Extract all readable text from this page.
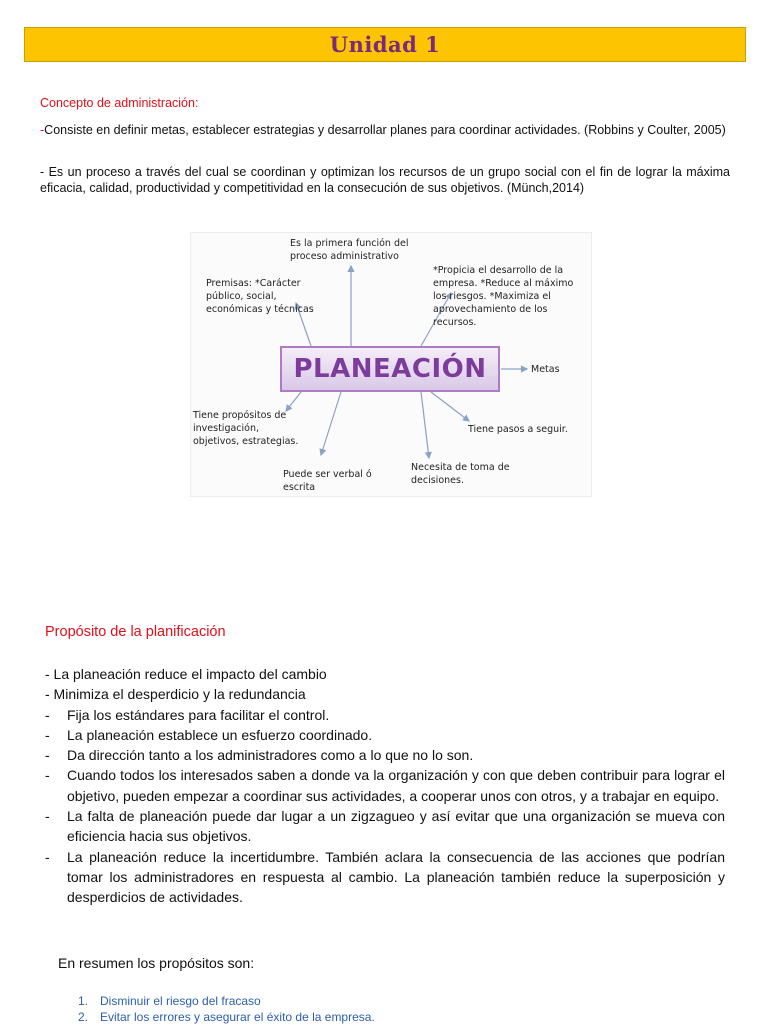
Unidad 1
Concepto de administración:
-Consiste en definir metas, establecer estrategias y desarrollar planes para coordinar actividades. (Robbins y Coulter, 2005)
- Es un proceso a través del cual se coordinan y optimizan los recursos de un grupo social con el fin de lograr la máxima eficacia, calidad, productividad y competitividad en la consecución de sus objetivos. (Münch,2014)
PLANEACIÓN
Es la primera función del proceso administrativo
*Propicia el desarrollo de la empresa. *Reduce al máximo los riesgos. *Maximiza el aprovechamiento de los recursos.
Premisas: *Carácter público, social, económicas y técnicas
Metas
Tiene propósitos de investigación, objetivos, estrategias.
Tiene pasos a seguir.
Puede ser verbal ó escrita
Necesita de toma de decisiones.
Propósito de la planificación
- La planeación reduce el impacto del cambio
- Minimiza el desperdicio y la redundancia
-	Fija los estándares para facilitar el control.
-	La planeación establece un esfuerzo coordinado.
-	Da dirección tanto a los administradores como a lo que no lo son.
-	Cuando todos los interesados saben a donde va la organización y con que deben contribuir para lograr el objetivo, pueden empezar a coordinar sus actividades, a cooperar unos con otros, y a trabajar en equipo.
-	La falta de planeación puede dar lugar a un zigzagueo y así evitar que una organización se mueva con eficiencia hacia sus objetivos.
-	La planeación reduce la incertidumbre. También aclara la consecuencia de las acciones que podrían tomar los administradores en respuesta al cambio. La planeación también reduce la superposición y desperdicios de actividades.
En resumen los propósitos son:
1. Disminuir el riesgo del fracaso
2. Evitar los errores y asegurar el éxito de la empresa.
